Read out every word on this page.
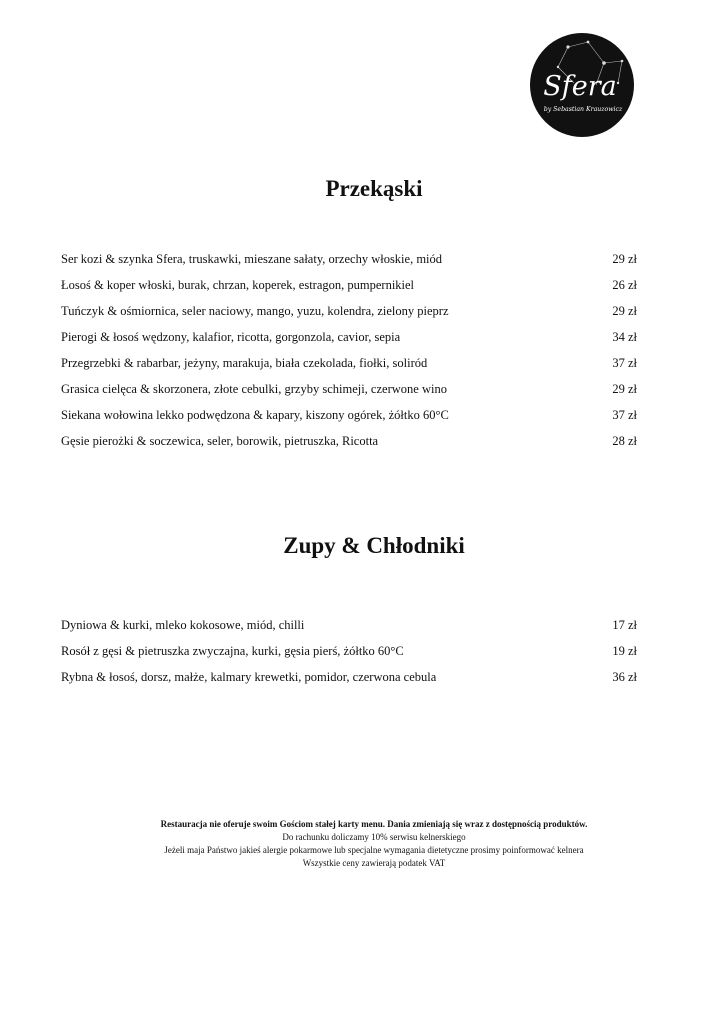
Sfera
by Sebastian Krauzowicz
Przekąski
Ser kozi & szynka Sfera, truskawki, mieszane sałaty, orzechy włoskie, miód	29 zł
Łosoś & koper włoski, burak, chrzan, koperek, estragon, pumpernikiel	26 zł
Tuńczyk & ośmiornica, seler naciowy, mango, yuzu, kolendra, zielony pieprz	29 zł
Pierogi & łosoś wędzony, kalafior, ricotta, gorgonzola, cavior, sepia	34 zł
Przegrzebki & rabarbar, jeżyny, marakuja, biała czekolada, fiołki, soliród	37 zł
Grasica cielęca & skorzonera, złote cebulki, grzyby schimeji, czerwone wino	29 zł
Siekana wołowina lekko podwędzona & kapary, kiszony ogórek, żółtko 60°C	37 zł
Gęsie pierożki & soczewica, seler, borowik, pietruszka, Ricotta	28 zł
Zupy & Chłodniki
Dyniowa & kurki, mleko kokosowe, miód, chilli	17 zł
Rosół z gęsi & pietruszka zwyczajna, kurki, gęsia pierś, żółtko 60°C	19 zł
Rybna & łosoś, dorsz, małże, kalmary krewetki, pomidor, czerwona cebula	36 zł
Restauracja nie oferuje swoim Gościom stałej karty menu. Dania zmieniają się wraz z dostępnością produktów.
Do rachunku doliczamy 10% serwisu kelnerskiego
Jeżeli maja Państwo jakieś alergie pokarmowe lub specjalne wymagania dietetyczne prosimy poinformować kelnera
Wszystkie ceny zawierają podatek VAT
